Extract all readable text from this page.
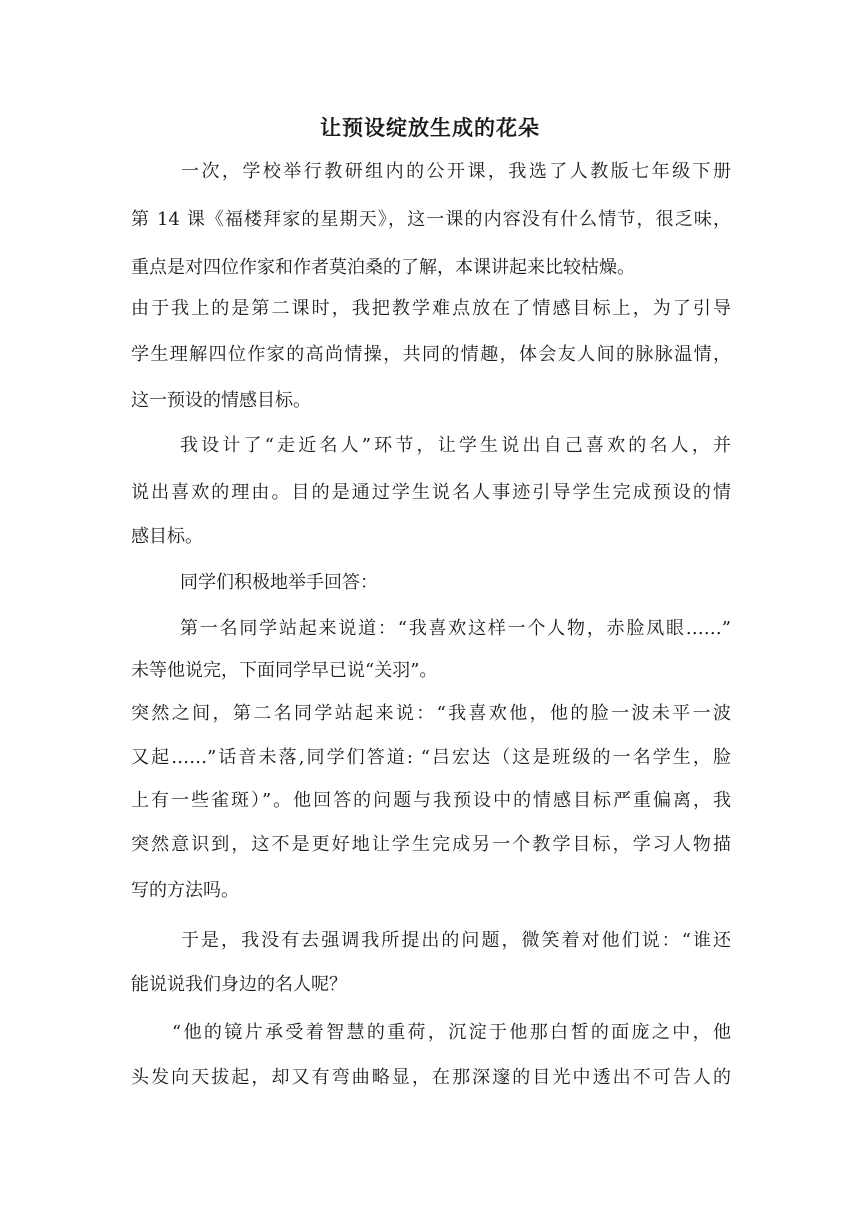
让预设绽放生成的花朵
一次，学校举行教研组内的公开课，我选了人教版七年级下册
第 14 课《福楼拜家的星期天》，这一课的内容没有什么情节，很乏味，
重点是对四位作家和作者莫泊桑的了解，本课讲起来比较枯燥。
由于我上的是第二课时，我把教学难点放在了情感目标上，为了引导
学生理解四位作家的高尚情操，共同的情趣，体会友人间的脉脉温情，
这一预设的情感目标。
我设计了“走近名人”环节，让学生说出自己喜欢的名人，并
说出喜欢的理由。目的是通过学生说名人事迹引导学生完成预设的情
感目标。
同学们积极地举手回答：
第一名同学站起来说道：“我喜欢这样一个人物，赤脸凤眼……”
未等他说完，下面同学早已说“关羽”。
突然之间，第二名同学站起来说：“我喜欢他，他的脸一波未平一波
又起……”话音未落,同学们答道: “吕宏达（这是班级的一名学生，脸
上有一些雀斑）”。他回答的问题与我预设中的情感目标严重偏离，我
突然意识到，这不是更好地让学生完成另一个教学目标，学习人物描
写的方法吗。
于是，我没有去强调我所提出的问题，微笑着对他们说：“谁还
能说说我们身边的名人呢？
“他的镜片承受着智慧的重荷，沉淀于他那白皙的面庞之中，他
头发向天拔起，却又有弯曲略显，在那深邃的目光中透出不可告人的
